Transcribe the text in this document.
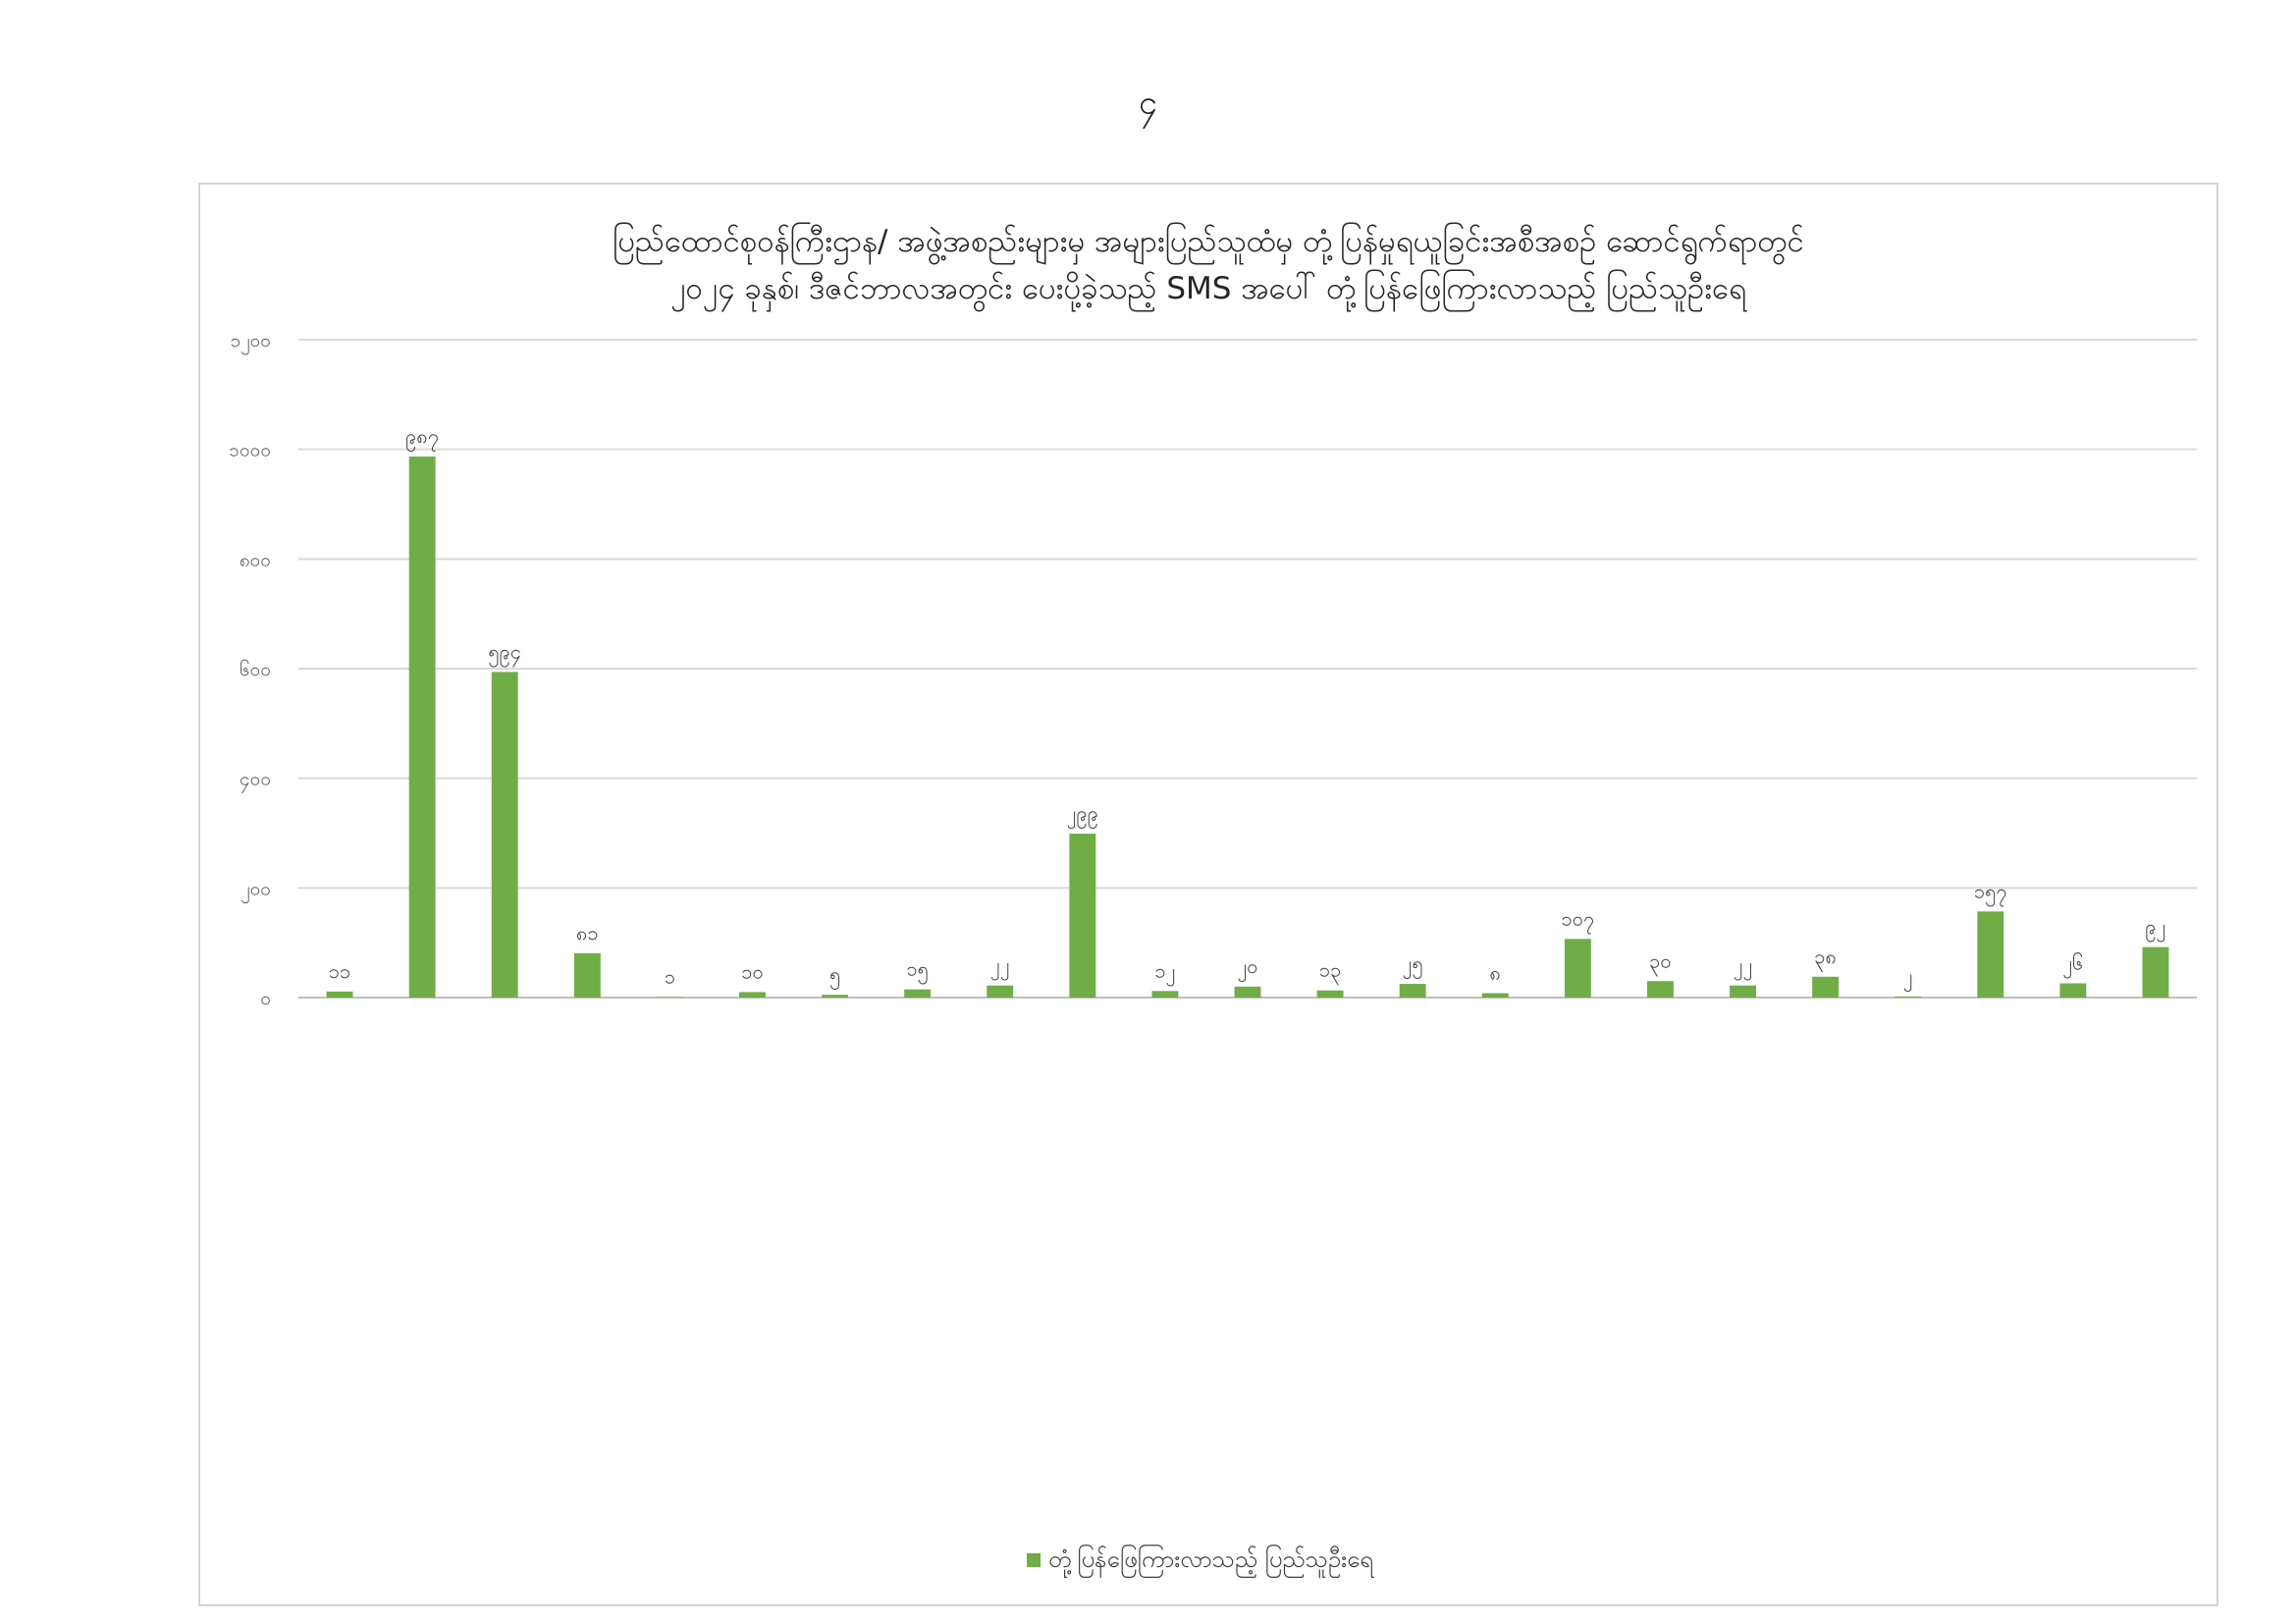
၄
ပြည်ထောင်စုဝန်ကြီးဌာန/ အဖွဲ့အစည်းများမှ အများပြည်သူထံမှ တုံ့ပြန်မှုရယူခြင်းအစီအစဉ် ဆောင်ရွက်ရာတွင်
၂၀၂၄ ခုနှစ်၊ ဒီဇင်ဘာလအတွင်း ပေးပို့ခဲ့သည့် SMS အပေါ် တုံ့ပြန်ဖြေကြားလာသည့် ပြည်သူဦးရေ
၀
၂၀၀
၄၀၀
၆၀၀
၈၀၀
၁၀၀၀
၁၂၀၀
၁၁
၉၈၇
၅၉၄
၈၁
၁	၁၀	၅	၁၅	၂၂
၂၉၉
၁၂	၂၀	၁၃	၂၅	၈
၁၀၇
၃၀	၂၂	၃၈
၂
၁၅၇
၂၆
၉၂
တုံ့ပြန်ဖြေကြားလာသည့် ပြည်သူဦးရေ
